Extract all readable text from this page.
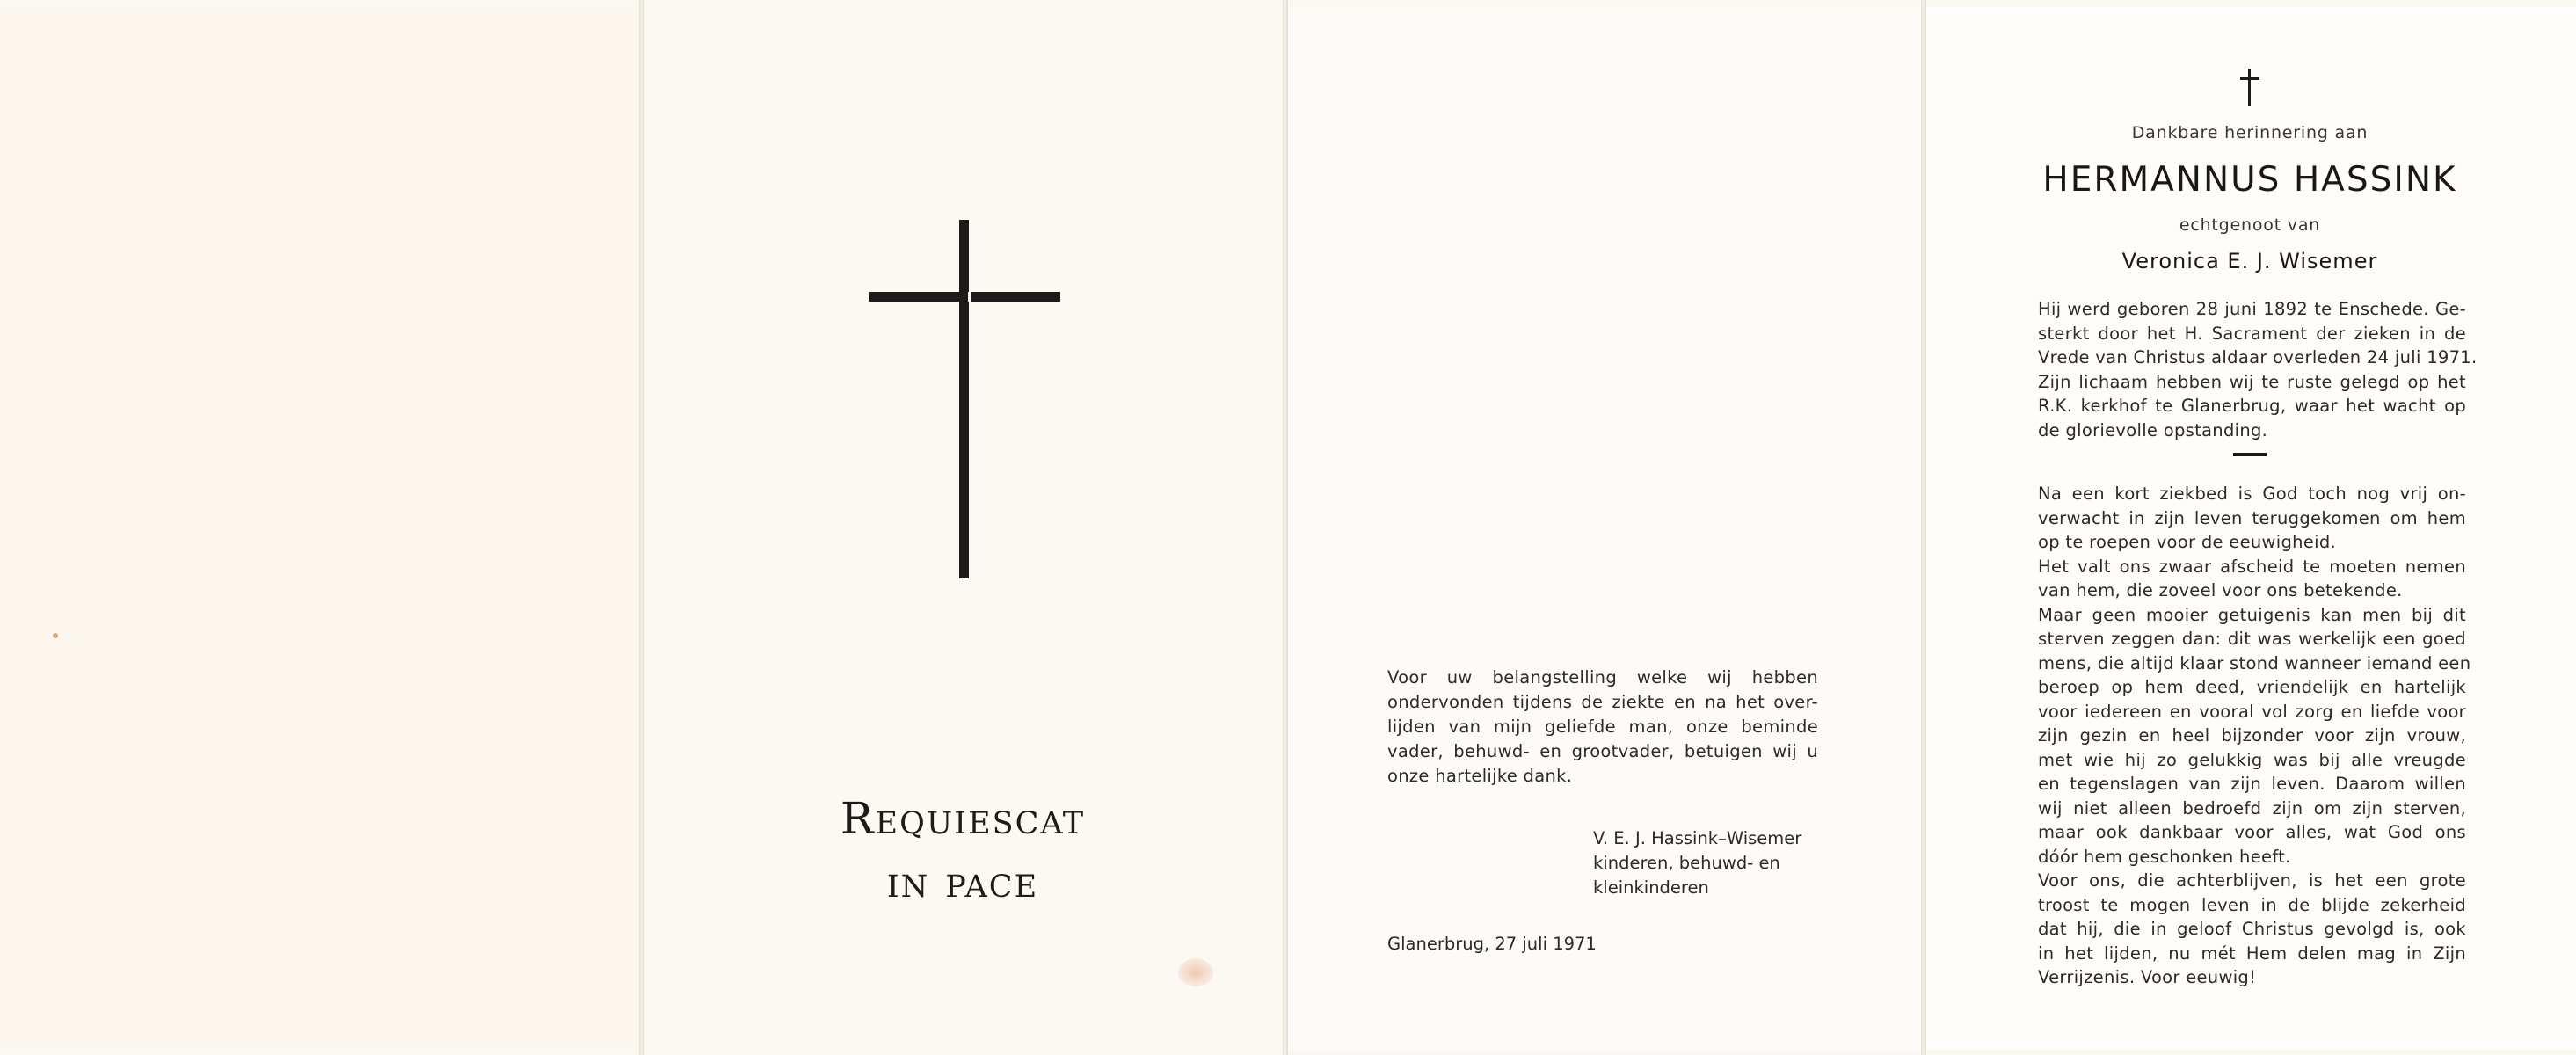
Requiescat
in pace
Voor uw belangstelling welke wij hebben
ondervonden tijdens de ziekte en na het over-
lijden van mijn geliefde man, onze beminde
vader, behuwd- en grootvader, betuigen wij u
onze hartelijke dank.
V. E. J. Hassink–Wisemer
kinderen, behuwd- en
kleinkinderen
Glanerbrug, 27 juli 1971
Dankbare herinnering aan
HERMANNUS HASSINK
echtgenoot van
Veronica E. J. Wisemer
Hij werd geboren 28 juni 1892 te Enschede. Ge-
sterkt door het H. Sacrament der zieken in de
Vrede van Christus aldaar overleden 24 juli 1971.
Zijn lichaam hebben wij te ruste gelegd op het
R.K. kerkhof te Glanerbrug, waar het wacht op
de glorievolle opstanding.
Na een kort ziekbed is God toch nog vrij on-
verwacht in zijn leven teruggekomen om hem
op te roepen voor de eeuwigheid.
Het valt ons zwaar afscheid te moeten nemen
van hem, die zoveel voor ons betekende.
Maar geen mooier getuigenis kan men bij dit
sterven zeggen dan: dit was werkelijk een goed
mens, die altijd klaar stond wanneer iemand een
beroep op hem deed, vriendelijk en hartelijk
voor iedereen en vooral vol zorg en liefde voor
zijn gezin en heel bijzonder voor zijn vrouw,
met wie hij zo gelukkig was bij alle vreugde
en tegenslagen van zijn leven. Daarom willen
wij niet alleen bedroefd zijn om zijn sterven,
maar ook dankbaar voor alles, wat God ons
dóór hem geschonken heeft.
Voor ons, die achterblijven, is het een grote
troost te mogen leven in de blijde zekerheid
dat hij, die in geloof Christus gevolgd is, ook
in het lijden, nu mét Hem delen mag in Zijn
Verrijzenis. Voor eeuwig!
